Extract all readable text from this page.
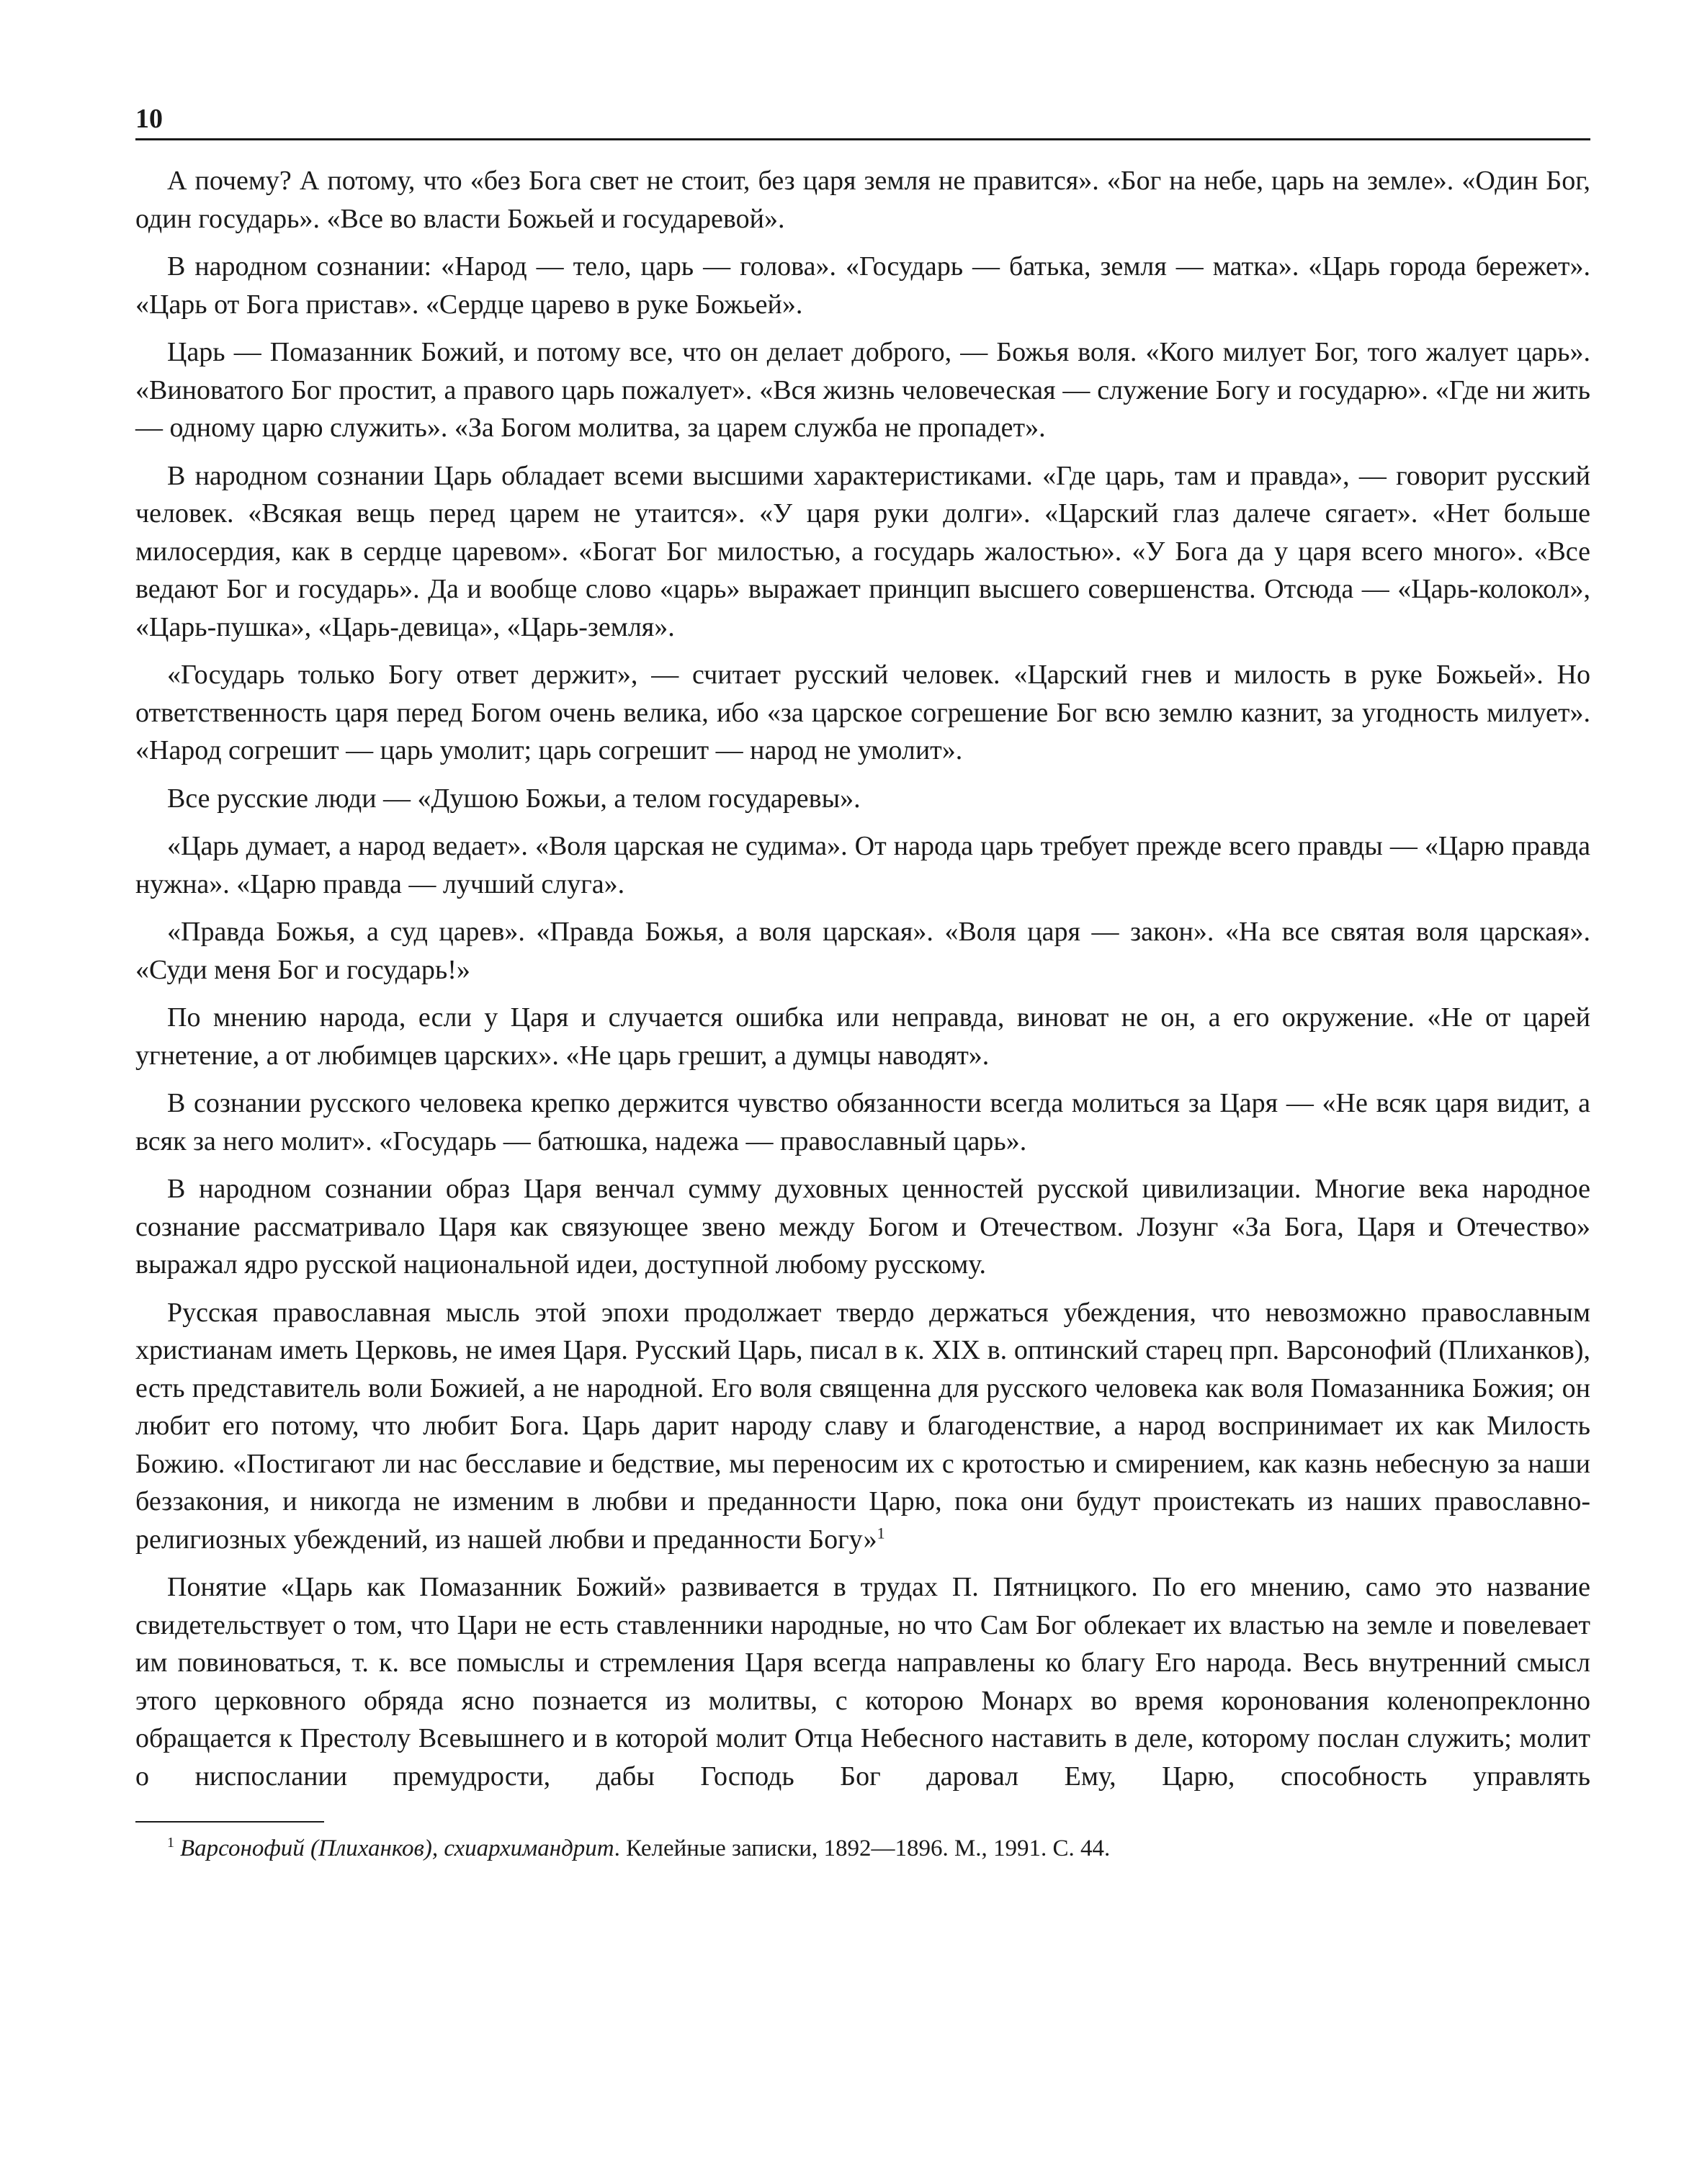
10

А почему? А потому, что «без Бога свет не стоит, без царя земля не правится». «Бог на небе, царь на земле». «Один Бог, один государь». «Все во власти Божьей и государевой».

В народном сознании: «Народ — тело, царь — голова». «Государь — батька, земля — матка». «Царь города бережет». «Царь от Бога пристав». «Сердце царево в руке Божьей».

Царь — Помазанник Божий, и потому все, что он делает доброго, — Божья воля. «Кого милует Бог, того жалует царь». «Виноватого Бог простит, а правого царь пожалует». «Вся жизнь человеческая — служение Богу и государю». «Где ни жить — одному царю служить». «За Богом молитва, за царем служба не пропадет».

В народном сознании Царь обладает всеми высшими характеристиками. «Где царь, там и правда», — говорит русский человек. «Всякая вещь перед царем не утаится». «У царя руки долги». «Царский глаз далече сягает». «Нет больше милосердия, как в сердце царевом». «Богат Бог милостью, а государь жалостью». «У Бога да у царя всего много». «Все ведают Бог и государь». Да и вообще слово «царь» выражает принцип высшего совершенства. Отсюда — «Царь-колокол», «Царь-пушка», «Царь-девица», «Царь-земля».

«Государь только Богу ответ держит», — считает русский человек. «Царский гнев и милость в руке Божьей». Но ответственность царя перед Богом очень велика, ибо «за царское согрешение Бог всю землю казнит, за угодность милует». «Народ согрешит — царь умолит; царь согрешит — народ не умолит».

Все русские люди — «Душою Божьи, а телом государевы».

«Царь думает, а народ ведает». «Воля царская не судима». От народа царь требует прежде всего правды — «Царю правда нужна». «Царю правда — лучший слуга».

«Правда Божья, а суд царев». «Правда Божья, а воля царская». «Воля царя — закон». «На все святая воля царская». «Суди меня Бог и государь!»

По мнению народа, если у Царя и случается ошибка или неправда, виноват не он, а его окружение. «Не от царей угнетение, а от любимцев царских». «Не царь грешит, а думцы наводят».

В сознании русского человека крепко держится чувство обязанности всегда молиться за Царя — «Не всяк царя видит, а всяк за него молит». «Государь — батюшка, надежа — православный царь».

В народном сознании образ Царя венчал сумму духовных ценностей русской цивилизации. Многие века народное сознание рассматривало Царя как связующее звено между Богом и Отечеством. Лозунг «За Бога, Царя и Отечество» выражал ядро русской национальной идеи, доступной любому русскому.

Русская православная мысль этой эпохи продолжает твердо держаться убеждения, что невозможно православным христианам иметь Церковь, не имея Царя. Русский Царь, писал в к. XIX в. оптинский старец прп. Варсонофий (Плиханков), есть представитель воли Божией, а не народной. Его воля священна для русского человека как воля Помазанника Божия; он любит его потому, что любит Бога. Царь дарит народу славу и благоденствие, а народ воспринимает их как Милость Божию. «Постигают ли нас бесславие и бедствие, мы переносим их с кротостью и смирением, как казнь небесную за наши беззакония, и никогда не изменим в любви и преданности Царю, пока они будут проистекать из наших православно-религиозных убеждений, из нашей любви и преданности Богу»$^1$

Понятие «Царь как Помазанник Божий» развивается в трудах П. Пятницкого. По его мнению, само это название свидетельствует о том, что Цари не есть ставленники народные, но что Сам Бог облекает их властью на земле и повелевает им повиноваться, т. к. все помыслы и стремления Царя всегда направлены ко благу Его народа. Весь внутренний смысл этого церковного обряда ясно познается из молитвы, с которою Монарх во время коронования коленопреклонно обращается к Престолу Всевышнего и в которой молит Отца Небесного наставить в деле, которому послан служить; молит о ниспослании премудрости, дабы Господь Бог даровал Ему, Царю, способность управлять

$^1$ Варсонофий (Плиханков), схиархимандрит. Келейные записки, 1892—1896. М., 1991. С. 44.
